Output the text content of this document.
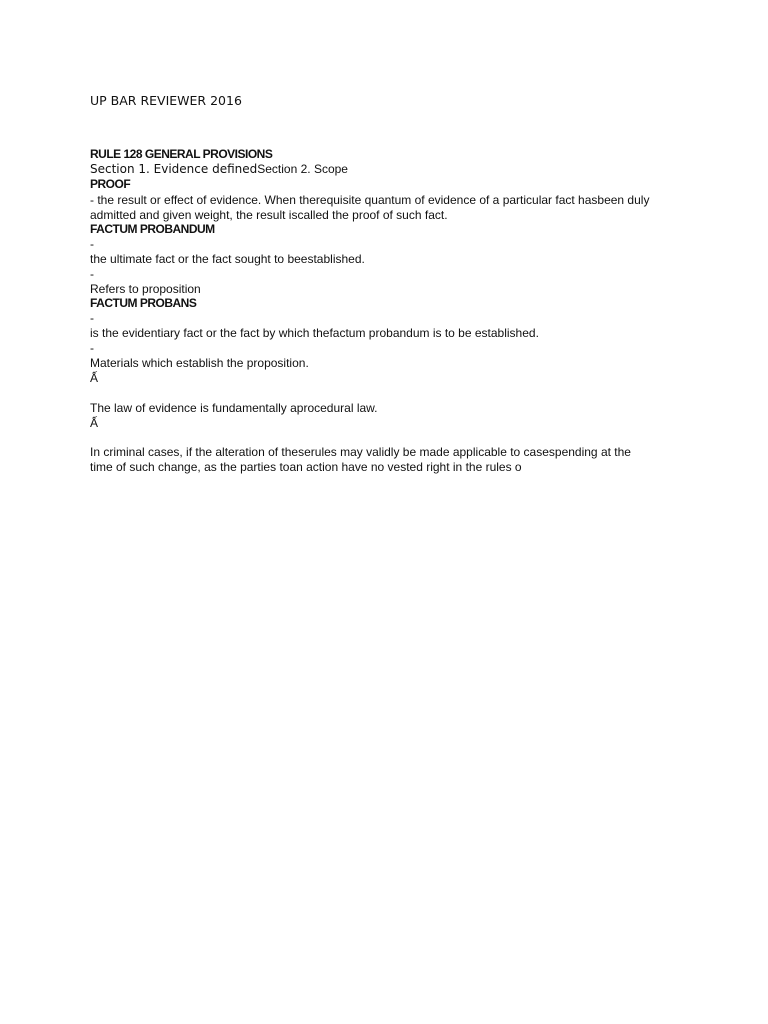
UP BAR REVIEWER 2016
RULE 128 GENERAL PROVISIONS
Section 1. Evidence definedSection 2. Scope
PROOF
- the result or effect of evidence. When therequisite quantum of evidence of a particular fact hasbeen duly
admitted and given weight, the result iscalled the proof of such fact.
FACTUM PROBANDUM
-
the ultimate fact or the fact sought to beestablished.
-
Refers to proposition
FACTUM PROBANS
-
is the evidentiary fact or the fact by which thefactum probandum is to be established.
-
Materials which establish the proposition.
Ấ
The law of evidence is fundamentally aprocedural law.
Ấ
In criminal cases, if the alteration of theserules may validly be made applicable to casespending at the
time of such change, as the parties toan action have no vested right in the rules o
